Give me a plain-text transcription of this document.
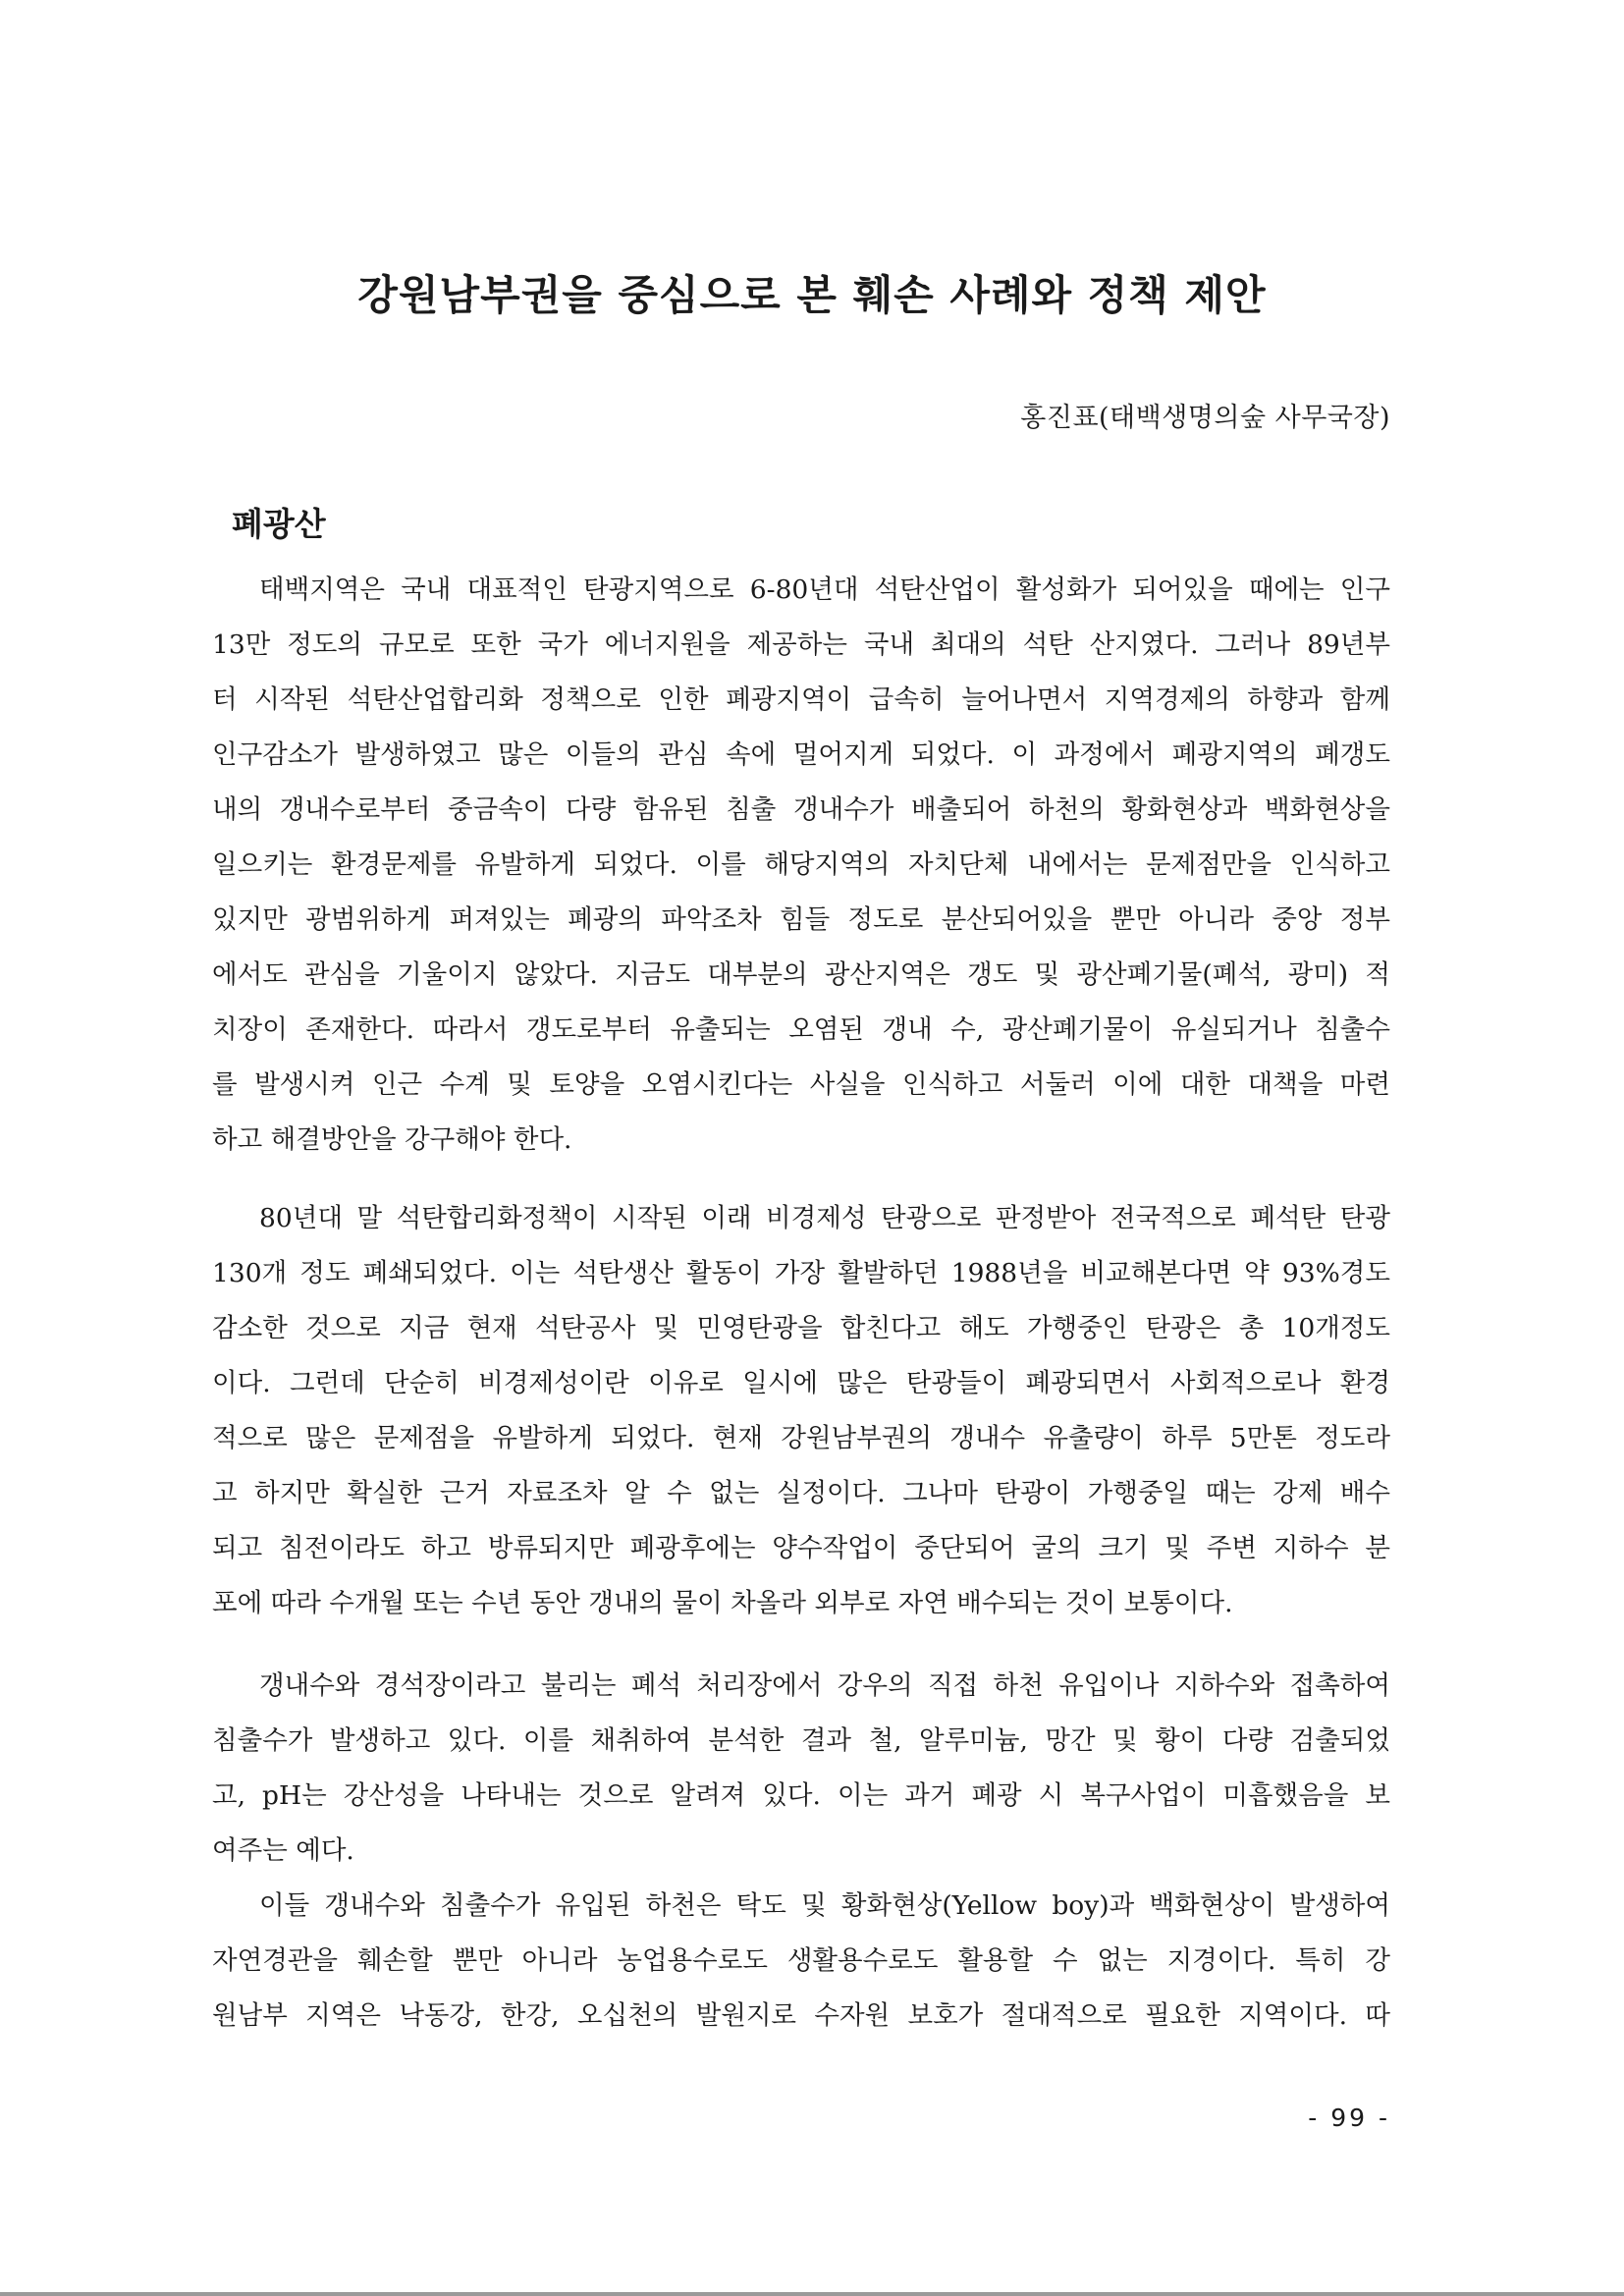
강원남부권을 중심으로 본 훼손 사례와 정책 제안

홍진표(태백생명의숲 사무국장)

폐광산
태백지역은 국내 대표적인 탄광지역으로 6-80년대 석탄산업이 활성화가 되어있을 때에는 인구
13만 정도의 규모로 또한 국가 에너지원을 제공하는 국내 최대의 석탄 산지였다. 그러나 89년부
터 시작된 석탄산업합리화 정책으로 인한 폐광지역이 급속히 늘어나면서 지역경제의 하향과 함께
인구감소가 발생하였고 많은 이들의 관심 속에 멀어지게 되었다. 이 과정에서 폐광지역의 폐갱도
내의 갱내수로부터 중금속이 다량 함유된 침출 갱내수가 배출되어 하천의 황화현상과 백화현상을
일으키는 환경문제를 유발하게 되었다. 이를 해당지역의 자치단체 내에서는 문제점만을 인식하고
있지만 광범위하게 퍼져있는 폐광의 파악조차 힘들 정도로 분산되어있을 뿐만 아니라 중앙 정부
에서도 관심을 기울이지 않았다. 지금도 대부분의 광산지역은 갱도 및 광산폐기물(폐석, 광미) 적
치장이 존재한다. 따라서 갱도로부터 유출되는 오염된 갱내 수, 광산폐기물이 유실되거나 침출수
를 발생시켜 인근 수계 및 토양을 오염시킨다는 사실을 인식하고 서둘러 이에 대한 대책을 마련
하고 해결방안을 강구해야 한다.
80년대 말 석탄합리화정책이 시작된 이래 비경제성 탄광으로 판정받아 전국적으로 폐석탄 탄광
130개 정도 폐쇄되었다. 이는 석탄생산 활동이 가장 활발하던 1988년을 비교해본다면 약 93%경도
감소한 것으로 지금 현재 석탄공사 및 민영탄광을 합친다고 해도 가행중인 탄광은 총 10개정도
이다. 그런데 단순히 비경제성이란 이유로 일시에 많은 탄광들이 폐광되면서 사회적으로나 환경
적으로 많은 문제점을 유발하게 되었다. 현재 강원남부권의 갱내수 유출량이 하루 5만톤 정도라
고 하지만 확실한 근거 자료조차 알 수 없는 실정이다. 그나마 탄광이 가행중일 때는 강제 배수
되고 침전이라도 하고 방류되지만 폐광후에는 양수작업이 중단되어 굴의 크기 및 주변 지하수 분
포에 따라 수개월 또는 수년 동안 갱내의 물이 차올라 외부로 자연 배수되는 것이 보통이다.
갱내수와 경석장이라고 불리는 폐석 처리장에서 강우의 직접 하천 유입이나 지하수와 접촉하여
침출수가 발생하고 있다. 이를 채취하여 분석한 결과 철, 알루미늄, 망간 및 황이 다량 검출되었
고, pH는 강산성을 나타내는 것으로 알려져 있다. 이는 과거 폐광 시 복구사업이 미흡했음을 보
여주는 예다.
이들 갱내수와 침출수가 유입된 하천은 탁도 및 황화현상(Yellow boy)과 백화현상이 발생하여
자연경관을 훼손할 뿐만 아니라 농업용수로도 생활용수로도 활용할 수 없는 지경이다. 특히 강
원남부 지역은 낙동강, 한강, 오십천의 발원지로 수자원 보호가 절대적으로 필요한 지역이다. 따

- 99 -
